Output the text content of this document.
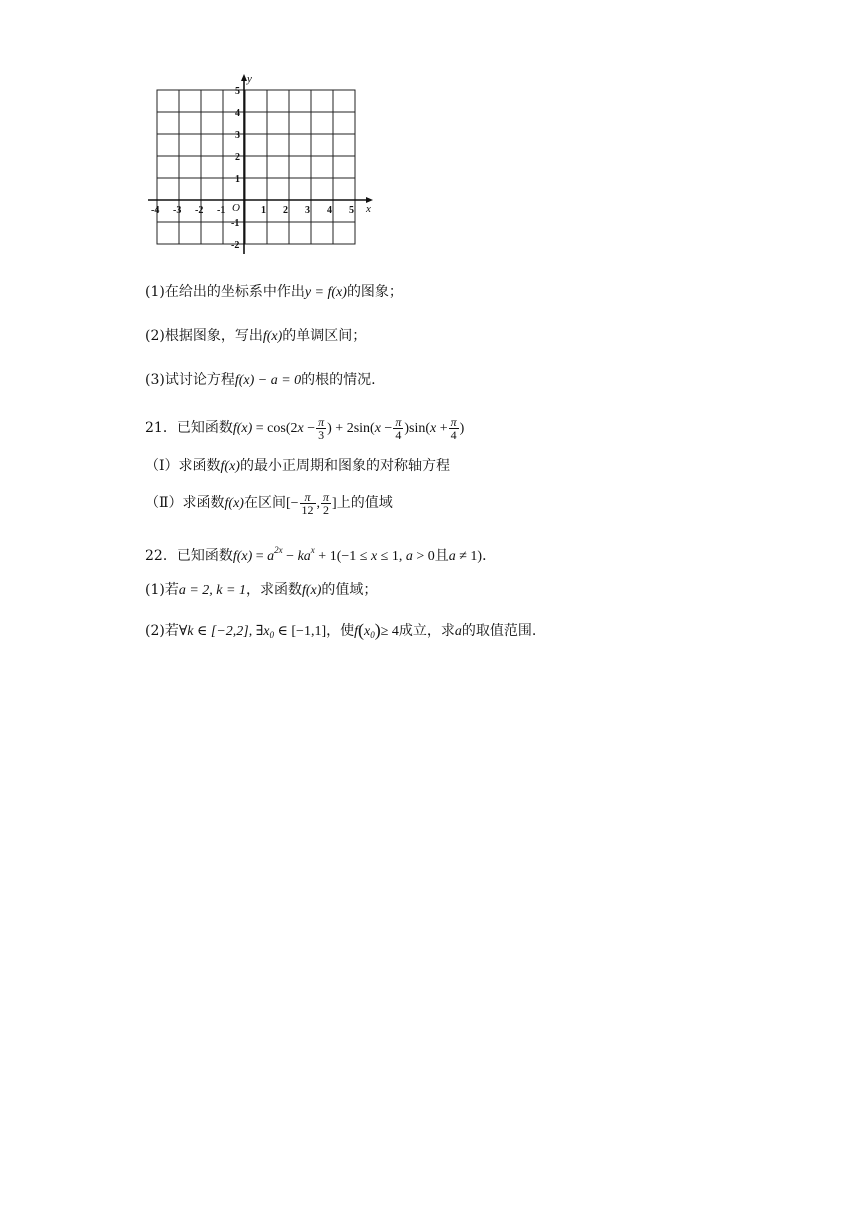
-4 -3 -2 -1	1 2 3 4 5
5
4
3
2
1
-1
-2
O	x
y
(1)在给出的坐标系中作出y = f(x)的图象；
(2)根据图象，写出f(x)的单调区间；
(3)试讨论方程f(x) − a = 0的根的情况.
21．已知函数$f(x) = \cos(2x - \frac{\pi}{3}$ ) + $2\sin(x - \frac{\pi}{4} )\sin(x + \frac{\pi}{4}$ )
（Ⅰ）求函数f(x)的最小正周期和图象的对称轴方程
（Ⅱ）求函数f(x)在区间[− $\frac{\pi}{12}$ , $\frac{\pi}{2}$ ]上的值域
22．已知函数$f(x) = a^{2x} - ka^x + 1(-1 \le x \le 1$, a > 0且a ≠ 1)．
(1)若a = 2, k = 1，求函数f(x)的值域；
(2)若∀k ∈ [−2,2], $\exists x_0$ ∈ [−1,1]，使$f(x_0)\ge 4$成立，求a的取值范围.
